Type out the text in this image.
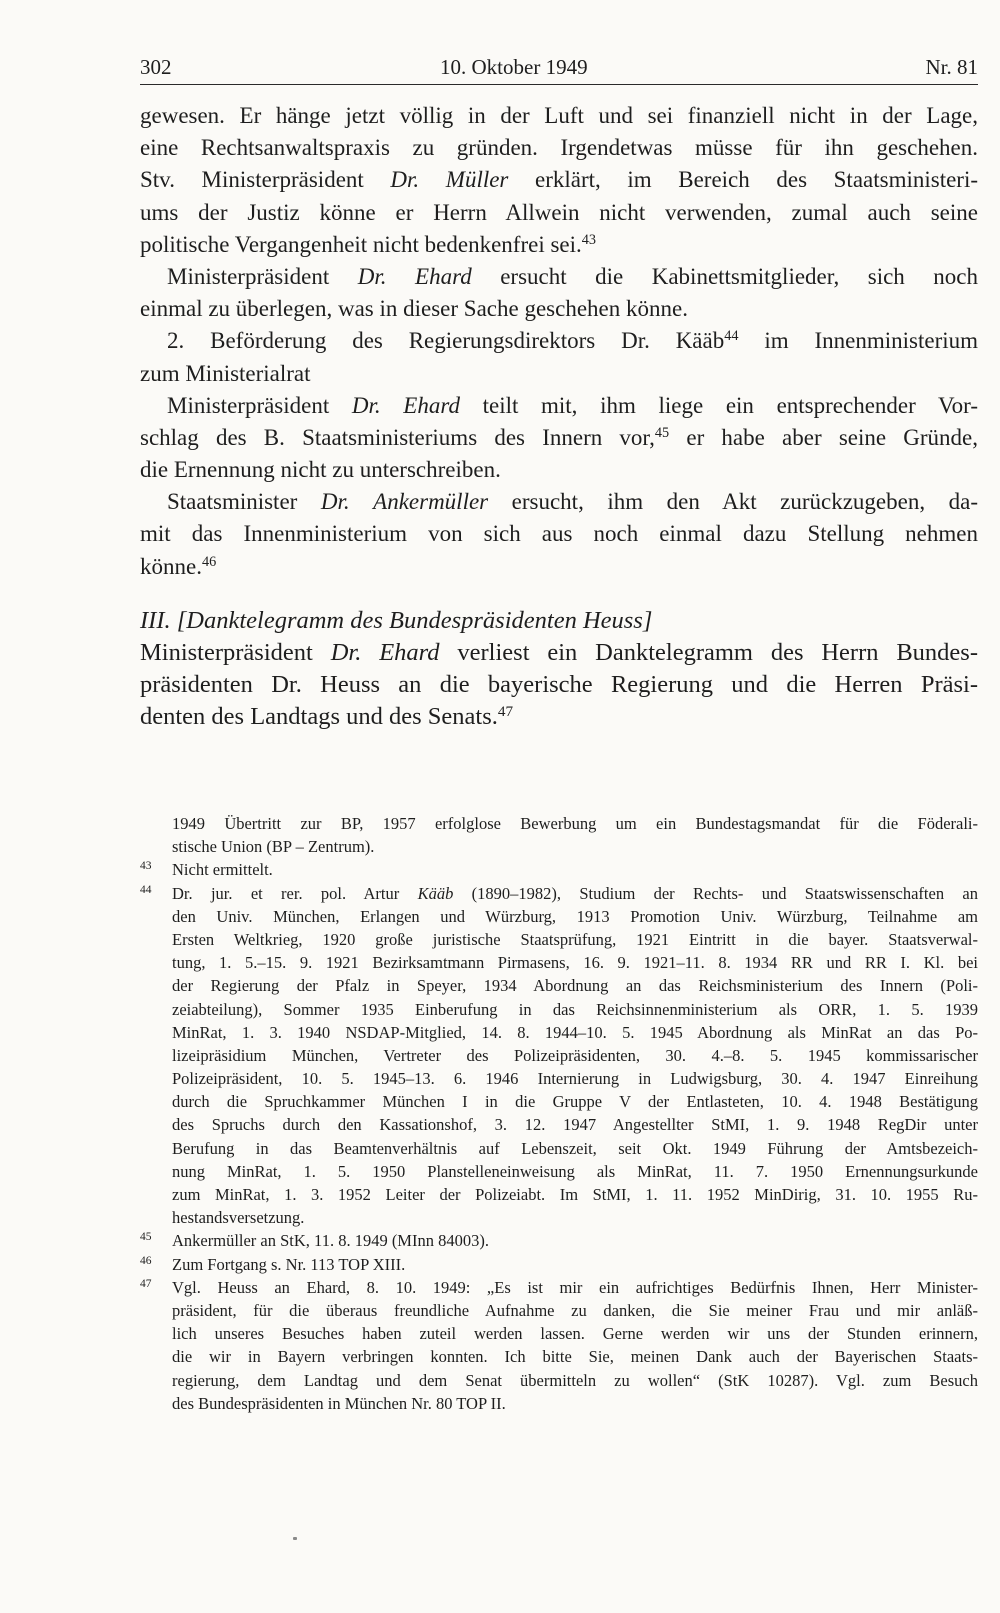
302	10. Oktober 1949	Nr. 81
gewesen. Er hänge jetzt völlig in der Luft und sei finanziell nicht in der Lage,
eine Rechtsanwaltspraxis zu gründen. Irgendetwas müsse für ihn geschehen.
Stv. Ministerpräsident Dr. Müller erklärt, im Bereich des Staatsministeri-
ums der Justiz könne er Herrn Allwein nicht verwenden, zumal auch seine
politische Vergangenheit nicht bedenkenfrei sei.$^{43}$
Ministerpräsident Dr. Ehard ersucht die Kabinettsmitglieder, sich noch
einmal zu überlegen, was in dieser Sache geschehen könne.
2. Beförderung des Regierungsdirektors Dr. Kääb$^{44}$ im Innenministerium
zum Ministerialrat
Ministerpräsident Dr. Ehard teilt mit, ihm liege ein entsprechender Vor-
schlag des B. Staatsministeriums des Innern vor,$^{45}$ er habe aber seine Gründe,
die Ernennung nicht zu unterschreiben.
Staatsminister Dr. Ankermüller ersucht, ihm den Akt zurückzugeben, da-
mit das Innenministerium von sich aus noch einmal dazu Stellung nehmen
könne.$^{46}$
III. [Danktelegramm des Bundespräsidenten Heuss]
Ministerpräsident Dr. Ehard verliest ein Danktelegramm des Herrn Bundes-
präsidenten Dr. Heuss an die bayerische Regierung und die Herren Präsi-
denten des Landtags und des Senats.$^{47}$
1949 Übertritt zur BP, 1957 erfolglose Bewerbung um ein Bundestagsmandat für die Föderali-
stische Union (BP – Zentrum).
43 Nicht ermittelt.
44 Dr. jur. et rer. pol. Artur Kääb (1890–1982), Studium der Rechts- und Staatswissenschaften an
den Univ. München, Erlangen und Würzburg, 1913 Promotion Univ. Würzburg, Teilnahme am
Ersten Weltkrieg, 1920 große juristische Staatsprüfung, 1921 Eintritt in die bayer. Staatsverwal-
tung, 1. 5.–15. 9. 1921 Bezirksamtmann Pirmasens, 16. 9. 1921–11. 8. 1934 RR und RR I. Kl. bei
der Regierung der Pfalz in Speyer, 1934 Abordnung an das Reichsministerium des Innern (Poli-
zeiabteilung), Sommer 1935 Einberufung in das Reichsinnenministerium als ORR, 1. 5. 1939
MinRat, 1. 3. 1940 NSDAP-Mitglied, 14. 8. 1944–10. 5. 1945 Abordnung als MinRat an das Po-
lizeipräsidium München, Vertreter des Polizeipräsidenten, 30. 4.–8. 5. 1945 kommissarischer
Polizeipräsident, 10. 5. 1945–13. 6. 1946 Internierung in Ludwigsburg, 30. 4. 1947 Einreihung
durch die Spruchkammer München I in die Gruppe V der Entlasteten, 10. 4. 1948 Bestätigung
des Spruchs durch den Kassationshof, 3. 12. 1947 Angestellter StMI, 1. 9. 1948 RegDir unter
Berufung in das Beamtenverhältnis auf Lebenszeit, seit Okt. 1949 Führung der Amtsbezeich-
nung MinRat, 1. 5. 1950 Planstelleneinweisung als MinRat, 11. 7. 1950 Ernennungsurkunde
zum MinRat, 1. 3. 1952 Leiter der Polizeiabt. Im StMI, 1. 11. 1952 MinDirig, 31. 10. 1955 Ru-
hestandsversetzung.
45 Ankermüller an StK, 11. 8. 1949 (MInn 84003).
46 Zum Fortgang s. Nr. 113 TOP XIII.
47 Vgl. Heuss an Ehard, 8. 10. 1949: „Es ist mir ein aufrichtiges Bedürfnis Ihnen, Herr Minister-
präsident, für die überaus freundliche Aufnahme zu danken, die Sie meiner Frau und mir anläß-
lich unseres Besuches haben zuteil werden lassen. Gerne werden wir uns der Stunden erinnern,
die wir in Bayern verbringen konnten. Ich bitte Sie, meinen Dank auch der Bayerischen Staats-
regierung, dem Landtag und dem Senat übermitteln zu wollen“ (StK 10287). Vgl. zum Besuch
des Bundespräsidenten in München Nr. 80 TOP II.
